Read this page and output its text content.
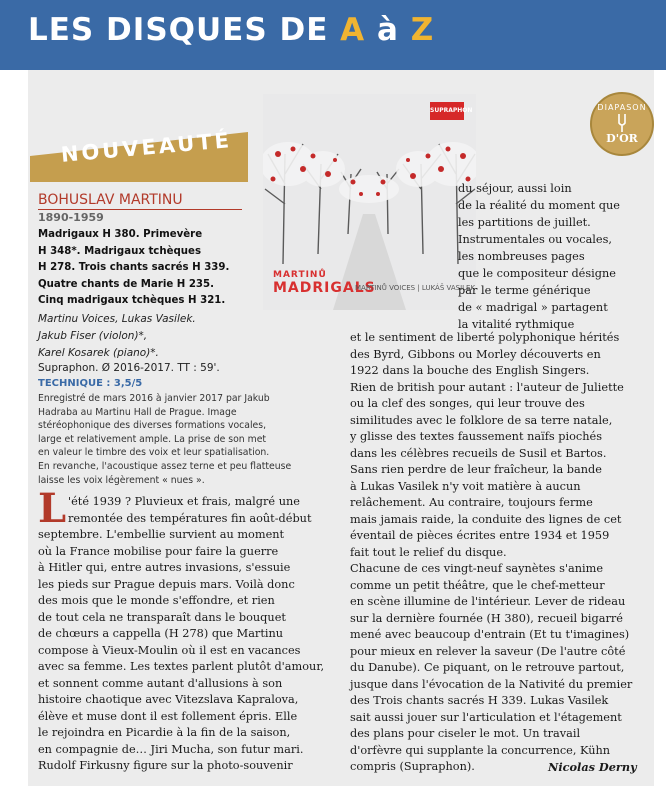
LES DISQUES DE A à Z
NOUVEAUTÉ
SUPRAPHON
MARTINŮ
MADRIGALS
MARTINŮ VOICES | LUKÁŠ VASILEK
DIAPASON
D'OR
BOHUSLAV MARTINU
1890-1959
Madrigaux H 380. Primevère
H 348*. Madrigaux tchèques
H 278. Trois chants sacrés H 339.
Quatre chants de Marie H 235.
Cinq madrigaux tchèques H 321.
Martinu Voices, Lukas Vasilek.
Jakub Fiser (violon)*,
Karel Kosarek (piano)*.
Supraphon. Ø 2016-2017. TT : 59'.
TECHNIQUE : 3,5/5
Enregistré de mars 2016 à janvier 2017 par Jakub
Hadraba au Martinu Hall de Prague. Image
stéréophonique des diverses formations vocales,
large et relativement ample. La prise de son met
en valeur le timbre des voix et leur spatialisation.
En revanche, l'acoustique assez terne et peu flatteuse
laisse les voix légèrement « nues ».
L 'été 1939 ? Pluvieux et frais, malgré une
remontée des températures fin août-début
septembre. L'embellie survient au moment
où la France mobilise pour faire la guerre
à Hitler qui, entre autres invasions, s'essuie
les pieds sur Prague depuis mars. Voilà donc
des mois que le monde s'effondre, et rien
de tout cela ne transparaît dans le bouquet
de chœurs a cappella (H 278) que Martinu
compose à Vieux-Moulin où il est en vacances
avec sa femme. Les textes parlent plutôt d'amour,
et sonnent comme autant d'allusions à son
histoire chaotique avec Vitezslava Kapralova,
élève et muse dont il est follement épris. Elle
le rejoindra en Picardie à la fin de la saison,
en compagnie de… Jiri Mucha, son futur mari.
Rudolf Firkusny figure sur la photo-souvenir
du séjour, aussi loin
de la réalité du moment que
les partitions de juillet.
Instrumentales ou vocales,
les nombreuses pages
que le compositeur désigne
par le terme générique
de « madrigal » partagent
la vitalité rythmique
et le sentiment de liberté polyphonique hérités
des Byrd, Gibbons ou Morley découverts en
1922 dans la bouche des English Singers.
Rien de british pour autant : l'auteur de Juliette
ou la clef des songes, qui leur trouve des
similitudes avec le folklore de sa terre natale,
y glisse des textes faussement naïfs piochés
dans les célèbres recueils de Susil et Bartos.
Sans rien perdre de leur fraîcheur, la bande
à Lukas Vasilek n'y voit matière à aucun
relâchement. Au contraire, toujours ferme
mais jamais raide, la conduite des lignes de cet
éventail de pièces écrites entre 1934 et 1959
fait tout le relief du disque.
Chacune de ces vingt-neuf saynètes s'anime
comme un petit théâtre, que le chef-metteur
en scène illumine de l'intérieur. Lever de rideau
sur la dernière fournée (H 380), recueil bigarré
mené avec beaucoup d'entrain (Et tu t'imagines)
pour mieux en relever la saveur (De l'autre côté
du Danube). Ce piquant, on le retrouve partout,
jusque dans l'évocation de la Nativité du premier
des Trois chants sacrés H 339. Lukas Vasilek
sait aussi jouer sur l'articulation et l'étagement
des plans pour ciseler le mot. Un travail
d'orfèvre qui supplante la concurrence, Kühn
compris (Supraphon).	Nicolas Derny
